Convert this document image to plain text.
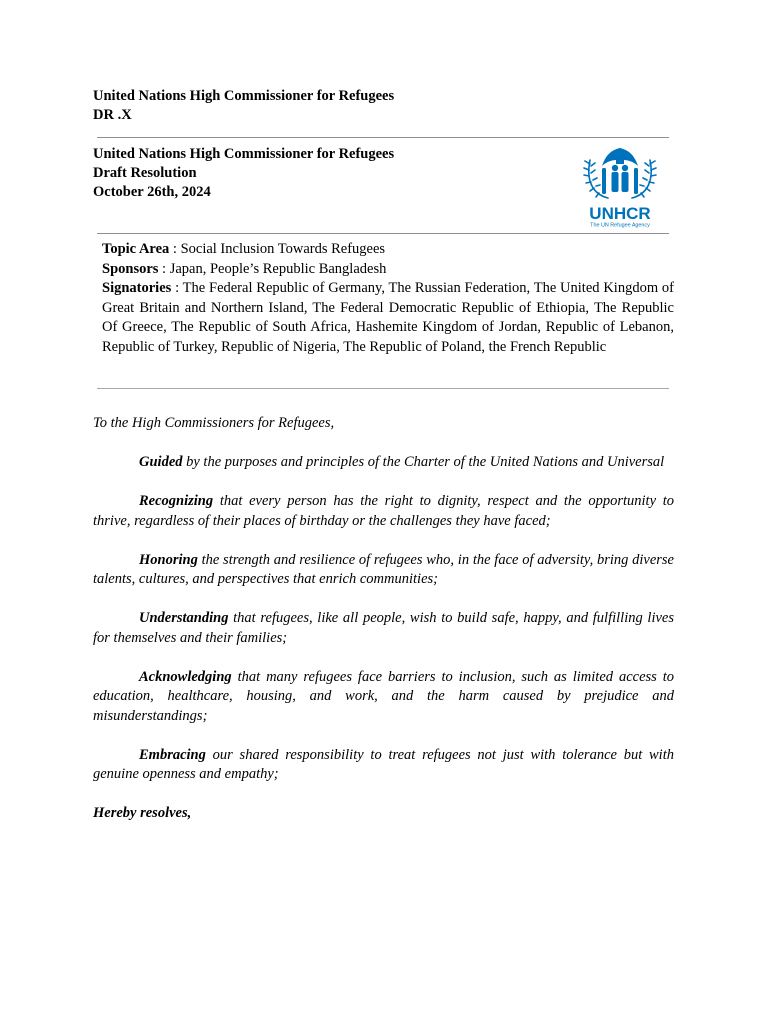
United Nations High Commissioner for Refugees
DR .X
United Nations High Commissioner for Refugees
Draft Resolution
October 26th, 2024
UNHCR
The UN Refugee Agency
Topic Area : Social Inclusion Towards Refugees
Sponsors : Japan, People’s Republic Bangladesh
Signatories : The Federal Republic of Germany, The Russian Federation, The United Kingdom of Great Britain and Northern Island, The Federal Democratic Republic of Ethiopia, The Republic Of Greece, The Republic of South Africa, Hashemite Kingdom of Jordan, Republic of Lebanon, Republic of Turkey, Republic of Nigeria, The Republic of Poland, the French Republic

To the High Commissioners for Refugees,

Guided by the purposes and principles of the Charter of the United Nations and Universal

Recognizing that every person has the right to dignity, respect and the opportunity to thrive, regardless of their places of birthday or the challenges they have faced;

Honoring the strength and resilience of refugees who, in the face of adversity, bring diverse talents, cultures, and perspectives that enrich communities;

Understanding that refugees, like all people, wish to build safe, happy, and fulfilling lives for themselves and their families;

Acknowledging that many refugees face barriers to inclusion, such as limited access to education, healthcare, housing, and work, and the harm caused by prejudice and misunderstandings;

Embracing our shared responsibility to treat refugees not just with tolerance but with genuine openness and empathy;

Hereby resolves,
